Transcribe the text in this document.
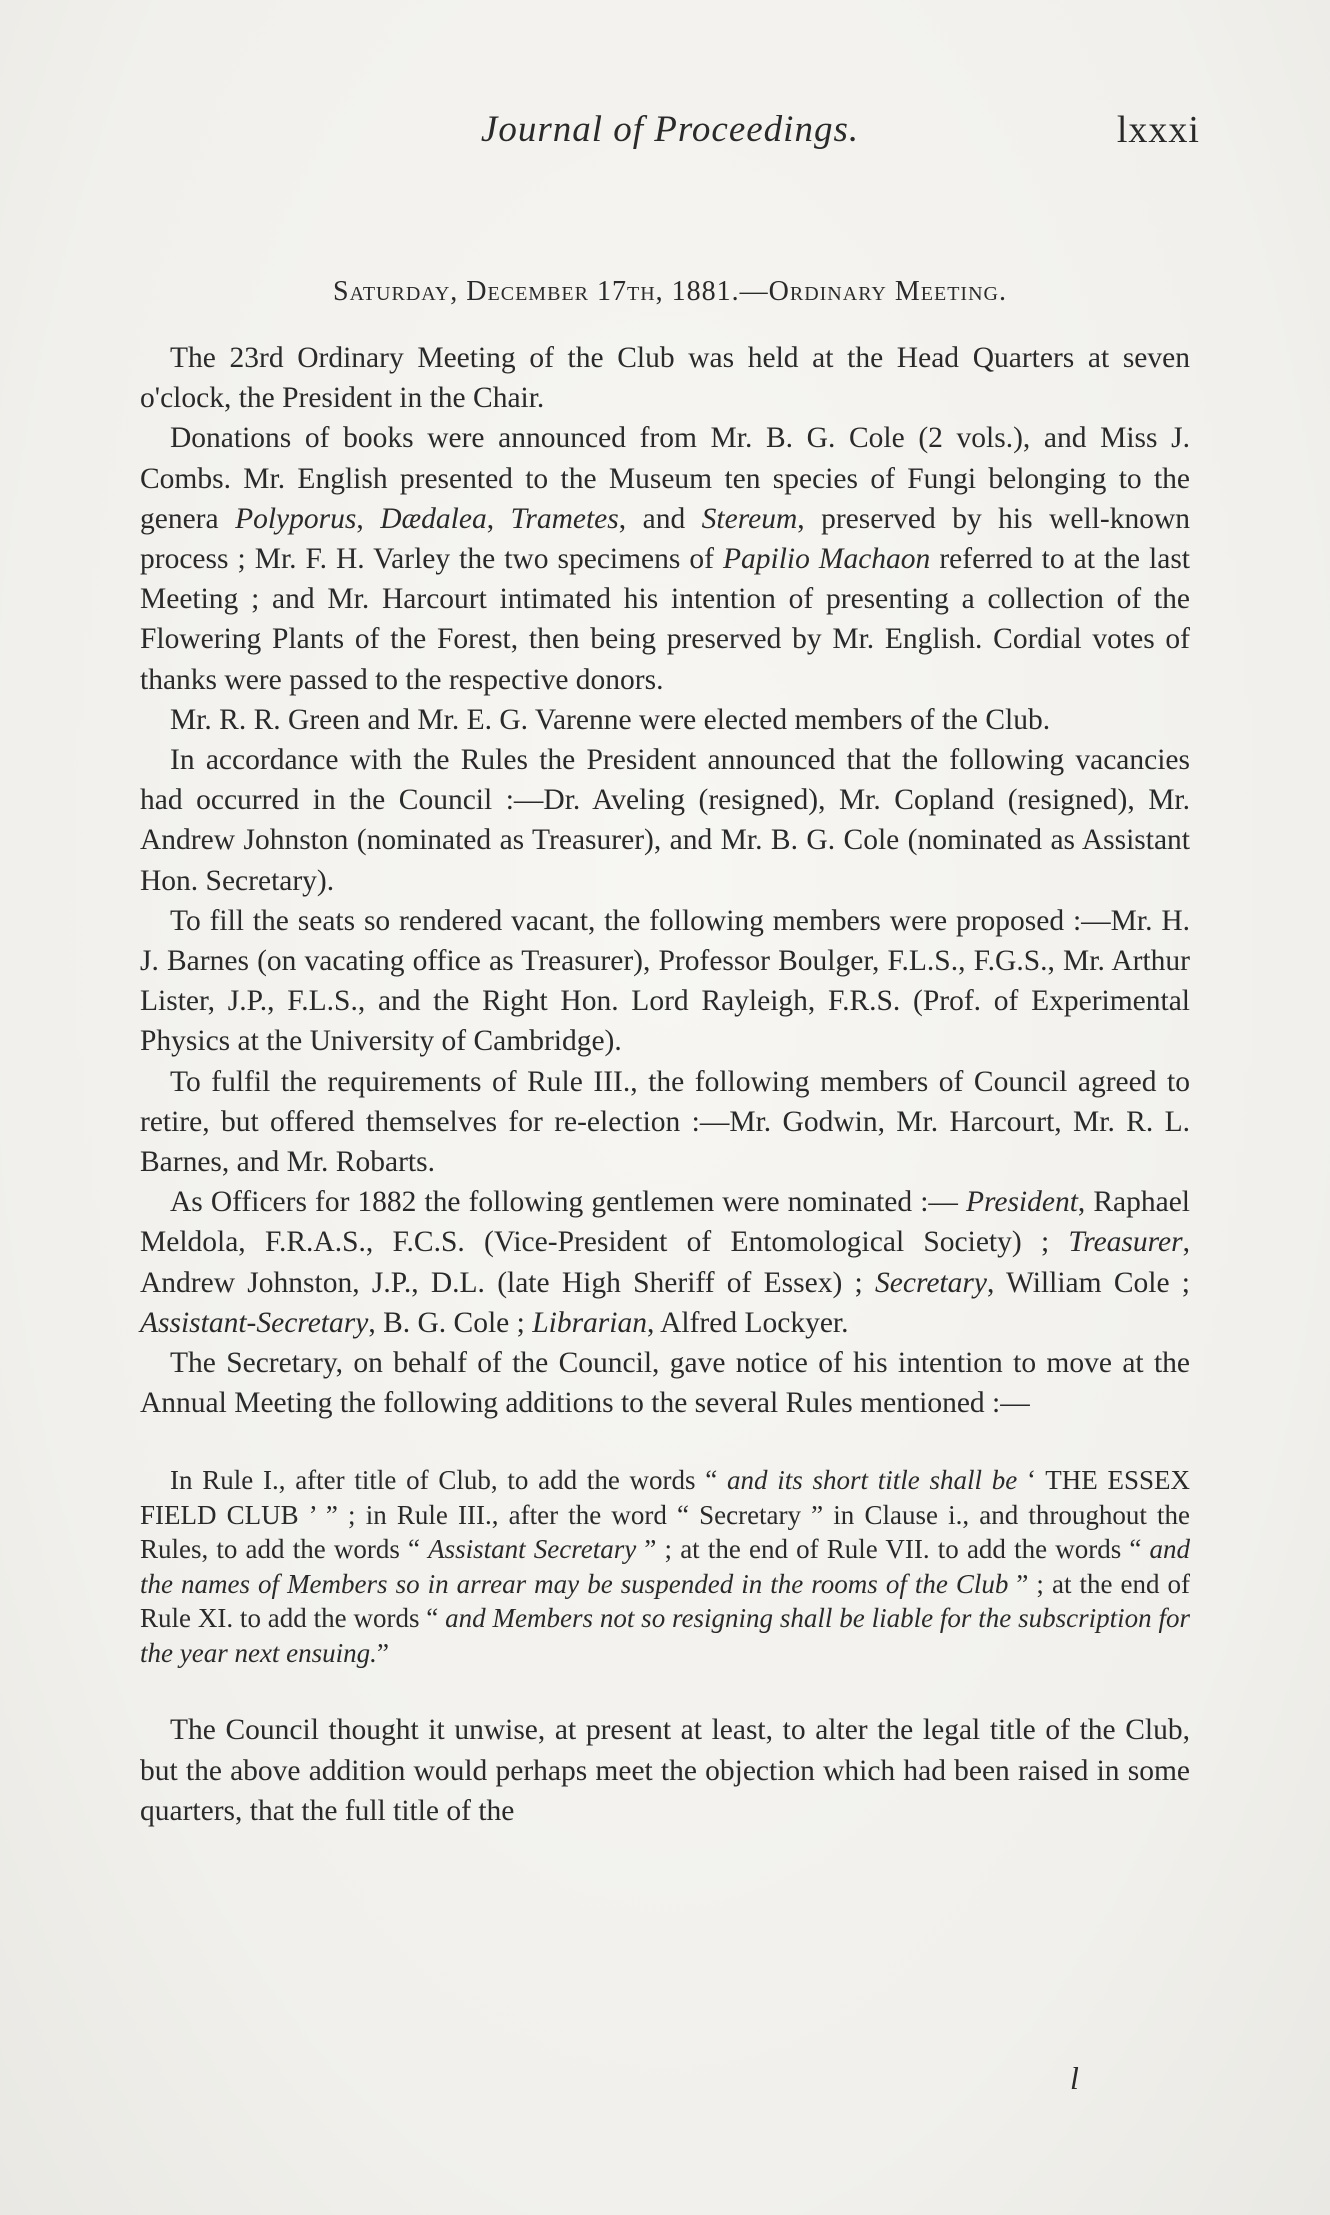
Journal of Proceedings.	lxxxi
Saturday, December 17th, 1881.—Ordinary Meeting.

The 23rd Ordinary Meeting of the Club was held at the Head Quarters at seven o'clock, the President in the Chair.

Donations of books were announced from Mr. B. G. Cole (2 vols.), and Miss J. Combs. Mr. English presented to the Museum ten species of Fungi belonging to the genera Polyporus, Dædalea, Trametes, and Stereum, preserved by his well-known process ; Mr. F. H. Varley the two specimens of Papilio Machaon referred to at the last Meeting ; and Mr. Harcourt intimated his intention of presenting a collection of the Flowering Plants of the Forest, then being preserved by Mr. English. Cordial votes of thanks were passed to the respective donors.

Mr. R. R. Green and Mr. E. G. Varenne were elected members of the Club.

In accordance with the Rules the President announced that the following vacancies had occurred in the Council :—Dr. Aveling (resigned), Mr. Copland (resigned), Mr. Andrew Johnston (nominated as Treasurer), and Mr. B. G. Cole (nominated as Assistant Hon. Secretary).

To fill the seats so rendered vacant, the following members were proposed :—Mr. H. J. Barnes (on vacating office as Treasurer), Professor Boulger, F.L.S., F.G.S., Mr. Arthur Lister, J.P., F.L.S., and the Right Hon. Lord Rayleigh, F.R.S. (Prof. of Experimental Physics at the University of Cambridge).

To fulfil the requirements of Rule III., the following members of Council agreed to retire, but offered themselves for re-election :—Mr. Godwin, Mr. Harcourt, Mr. R. L. Barnes, and Mr. Robarts.

As Officers for 1882 the following gentlemen were nominated :— President, Raphael Meldola, F.R.A.S., F.C.S. (Vice-President of Entomological Society) ; Treasurer, Andrew Johnston, J.P., D.L. (late High Sheriff of Essex) ; Secretary, William Cole ; Assistant-Secretary, B. G. Cole ; Librarian, Alfred Lockyer.

The Secretary, on behalf of the Council, gave notice of his intention to move at the Annual Meeting the following additions to the several Rules mentioned :—

In Rule I., after title of Club, to add the words “ and its short title shall be ‘ THE ESSEX FIELD CLUB ’ ” ; in Rule III., after the word “ Secretary ” in Clause i., and throughout the Rules, to add the words “ Assistant Secretary ” ; at the end of Rule VII. to add the words “ and the names of Members so in arrear may be suspended in the rooms of the Club ” ; at the end of Rule XI. to add the words “ and Members not so resigning shall be liable for the subscription for the year next ensuing.”

The Council thought it unwise, at present at least, to alter the legal title of the Club, but the above addition would perhaps meet the objection which had been raised in some quarters, that the full title of the

l
